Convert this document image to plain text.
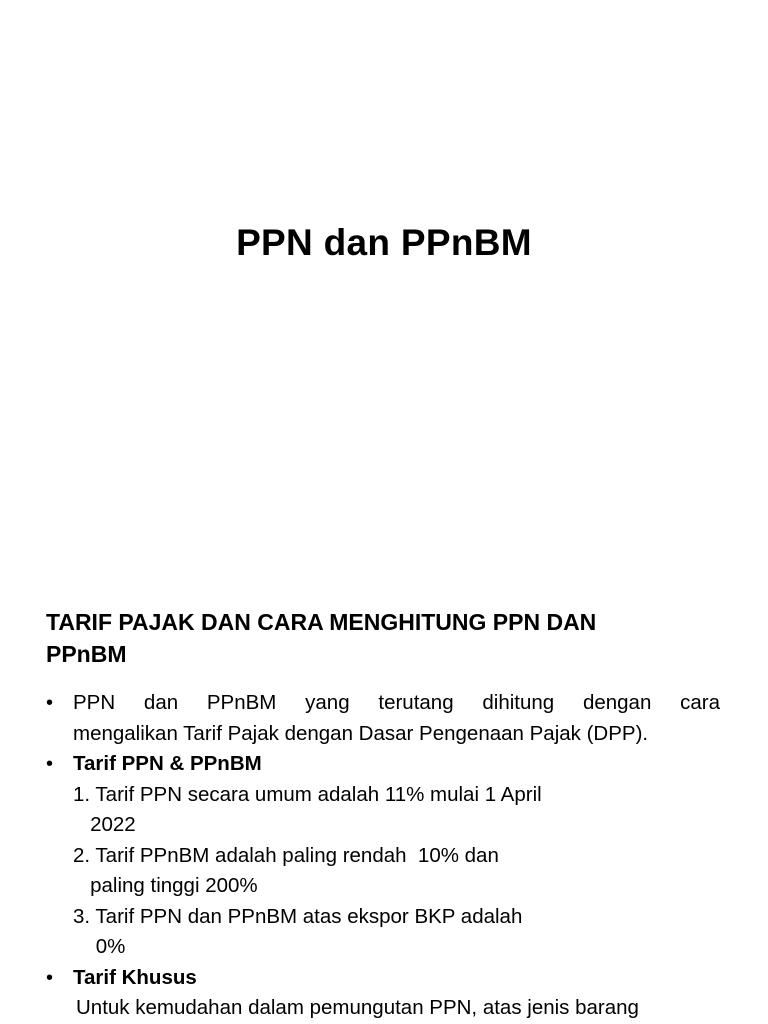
PPN dan PPnBM
TARIF PAJAK DAN CARA MENGHITUNG PPN DAN
PPnBM
• PPN dan PPnBM yang terutang dihitung dengan cara
mengalikan Tarif Pajak dengan Dasar Pengenaan Pajak (DPP).
• Tarif PPN & PPnBM
1. Tarif PPN secara umum adalah 11% mulai 1 April
2022
2. Tarif PPnBM adalah paling rendah  10% dan
paling tinggi 200%
3. Tarif PPN dan PPnBM atas ekspor BKP adalah
0%
• Tarif Khusus
Untuk kemudahan dalam pemungutan PPN, atas jenis barang
